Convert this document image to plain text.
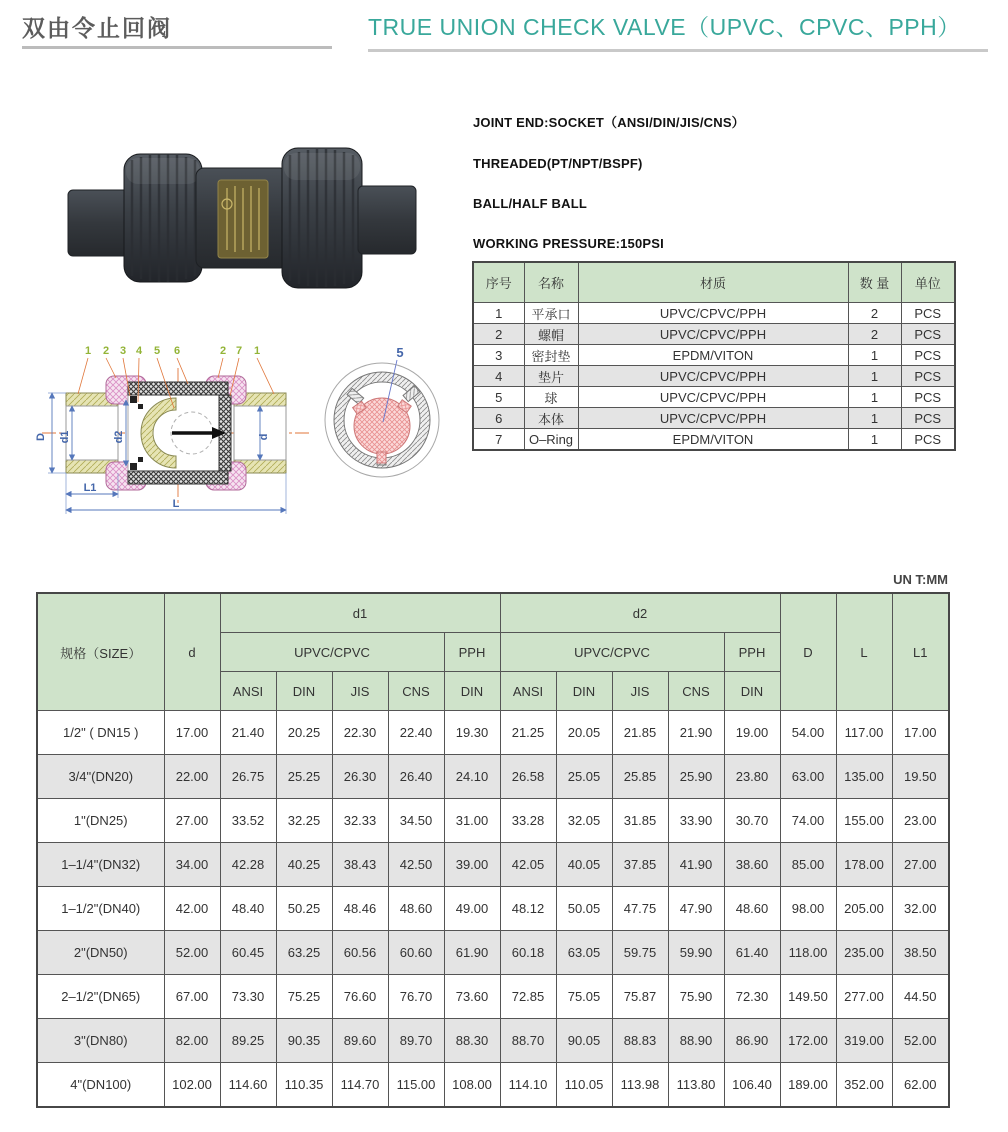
双由令止回阀	TRUE UNION CHECK VALVE（UPVC、CPVC、PPH）
JOINT END:SOCKET（ANSI/DIN/JIS/CNS）
THREADED(PT/NPT/BSPF)
BALL/HALF BALL
WORKING PRESSURE:150PSI
序号	名称	材质	数 量	单位
1	平承口	UPVC/CPVC/PPH	2	PCS
2	螺帽	UPVC/CPVC/PPH	2	PCS
3	密封垫	EPDM/VITON	1	PCS
4	垫片	UPVC/CPVC/PPH	1	PCS
5	球	UPVC/CPVC/PPH	1	PCS
6	本体	UPVC/CPVC/PPH	1	PCS
7	O–Ring	EPDM/VITON	1	PCS
D d1	d2	d
L1
L
1 2 3 4 5 6	2 7 1	5
UN T:MM
规格（SIZE）	d	d1					d2					D	L	L1
		UPVC/CPVC				PPH	UPVC/CPVC				PPH			
		ANSI	DIN	JIS	CNS	DIN	ANSI	DIN	JIS	CNS	DIN			
1/2" ( DN15 )	17.00	21.40	20.25	22.30	22.40	19.30	21.25	20.05	21.85	21.90	19.00	54.00	117.00	17.00
3/4"(DN20)	22.00	26.75	25.25	26.30	26.40	24.10	26.58	25.05	25.85	25.90	23.80	63.00	135.00	19.50
1"(DN25)	27.00	33.52	32.25	32.33	34.50	31.00	33.28	32.05	31.85	33.90	30.70	74.00	155.00	23.00
1–1/4"(DN32)	34.00	42.28	40.25	38.43	42.50	39.00	42.05	40.05	37.85	41.90	38.60	85.00	178.00	27.00
1–1/2"(DN40)	42.00	48.40	50.25	48.46	48.60	49.00	48.12	50.05	47.75	47.90	48.60	98.00	205.00	32.00
2"(DN50)	52.00	60.45	63.25	60.56	60.60	61.90	60.18	63.05	59.75	59.90	61.40	118.00	235.00	38.50
2–1/2"(DN65)	67.00	73.30	75.25	76.60	76.70	73.60	72.85	75.05	75.87	75.90	72.30	149.50	277.00	44.50
3"(DN80)	82.00	89.25	90.35	89.60	89.70	88.30	88.70	90.05	88.83	88.90	86.90	172.00	319.00	52.00
4"(DN100)	102.00	114.60	110.35	114.70	115.00	108.00	114.10	110.05	113.98	113.80	106.40	189.00	352.00	62.00
